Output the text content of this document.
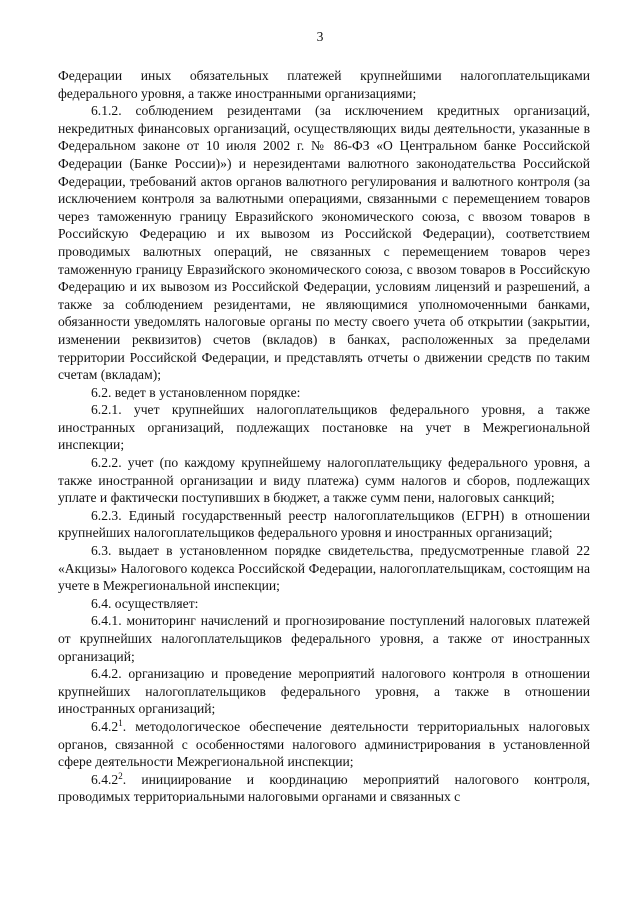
3

Федерации иных обязательных платежей крупнейшими налогоплательщиками федерального уровня, а также иностранными организациями;

6.1.2. соблюдением резидентами (за исключением кредитных организаций, некредитных финансовых организаций, осуществляющих виды деятельности, указанные в Федеральном законе от 10 июля 2002 г. № 86-ФЗ «О Центральном банке Российской Федерации (Банке России)») и нерезидентами валютного законодательства Российской Федерации, требований актов органов валютного регулирования и валютного контроля (за исключением контроля за валютными операциями, связанными с перемещением товаров через таможенную границу Евразийского экономического союза, с ввозом товаров в Российскую Федерацию и их вывозом из Российской Федерации), соответствием проводимых валютных операций, не связанных с перемещением товаров через таможенную границу Евразийского экономического союза, с ввозом товаров в Российскую Федерацию и их вывозом из Российской Федерации, условиям лицензий и разрешений, а также за соблюдением резидентами, не являющимися уполномоченными банками, обязанности уведомлять налоговые органы по месту своего учета об открытии (закрытии, изменении реквизитов) счетов (вкладов) в банках, расположенных за пределами территории Российской Федерации, и представлять отчеты о движении средств по таким счетам (вкладам);

6.2. ведет в установленном порядке:

6.2.1. учет крупнейших налогоплательщиков федерального уровня, а также иностранных организаций, подлежащих постановке на учет в Межрегиональной инспекции;

6.2.2. учет (по каждому крупнейшему налогоплательщику федерального уровня, а также иностранной организации и виду платежа) сумм налогов и сборов, подлежащих уплате и фактически поступивших в бюджет, а также сумм пени, налоговых санкций;

6.2.3. Единый государственный реестр налогоплательщиков (ЕГРН) в отношении крупнейших налогоплательщиков федерального уровня и иностранных организаций;

6.3. выдает в установленном порядке свидетельства, предусмотренные главой 22 «Акцизы» Налогового кодекса Российской Федерации, налогоплательщикам, состоящим на учете в Межрегиональной инспекции;

6.4. осуществляет:

6.4.1. мониторинг начислений и прогнозирование поступлений налоговых платежей от крупнейших налогоплательщиков федерального уровня, а также от иностранных организаций;

6.4.2. организацию и проведение мероприятий налогового контроля в отношении крупнейших налогоплательщиков федерального уровня, а также в отношении иностранных организаций;

6.4.2$^1$. методологическое обеспечение деятельности территориальных налоговых органов, связанной с особенностями налогового администрирования в установленной сфере деятельности Межрегиональной инспекции;

6.4.2$^2$. инициирование и координацию мероприятий налогового контроля, проводимых территориальными налоговыми органами и связанных с
